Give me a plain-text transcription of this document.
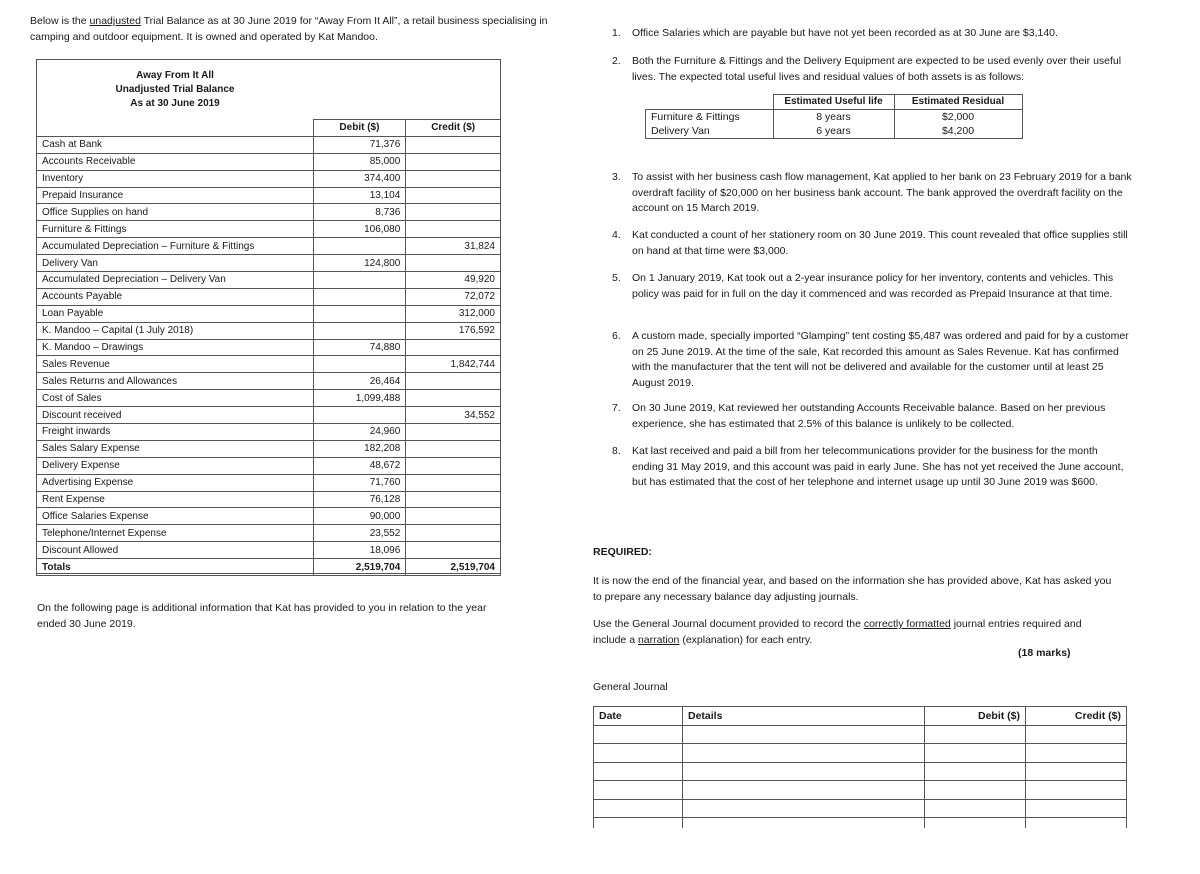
Below is the unadjusted Trial Balance as at 30 June 2019 for “Away From It All”, a retail business specialising in
camping and outdoor equipment. It is owned and operated by Kat Mandoo.
Away From It All
Unadjusted Trial Balance
As at 30 June 2019
	Debit ($)	Credit ($)
Cash at Bank	71,376	
Accounts Receivable	85,000	
Inventory	374,400	
Prepaid Insurance	13,104	
Office Supplies on hand	8,736	
Furniture & Fittings	106,080	
Accumulated Depreciation – Furniture & Fittings		31,824
Delivery Van	124,800	
Accumulated Depreciation – Delivery Van		49,920
Accounts Payable		72,072
Loan Payable		312,000
K. Mandoo – Capital (1 July 2018)		176,592
K. Mandoo – Drawings	74,880	
Sales Revenue		1,842,744
Sales Returns and Allowances	26,464	
Cost of Sales	1,099,488	
Discount received		34,552
Freight inwards	24,960	
Sales Salary Expense	182,208	
Delivery Expense	48,672	
Advertising Expense	71,760	
Rent Expense	76,128	
Office Salaries Expense	90,000	
Telephone/Internet Expense	23,552	
Discount Allowed	18,096	
Totals	2,519,704	2,519,704
On the following page is additional information that Kat has provided to you in relation to the year
ended 30 June 2019.
1. Office Salaries which are payable but have not yet been recorded as at 30 June are $3,140.
2. Both the Furniture & Fittings and the Delivery Equipment are expected to be used evenly over their useful lives. The expected total useful lives and residual values of both assets is as follows:
3. To assist with her business cash flow management, Kat applied to her bank on 23 February 2019 for a bank overdraft facility of $20,000 on her business bank account. The bank approved the overdraft facility on the account on 15 March 2019.
4. Kat conducted a count of her stationery room on 30 June 2019. This count revealed that office supplies still on hand at that time were $3,000.
5. On 1 January 2019, Kat took out a 2-year insurance policy for her inventory, contents and vehicles. This policy was paid for in full on the day it commenced and was recorded as Prepaid Insurance at that time.
6. A custom made, specially imported “Glamping” tent costing $5,487 was ordered and paid for by a customer on 25 June 2019. At the time of the sale, Kat recorded this amount as Sales Revenue. Kat has confirmed with the manufacturer that the tent will not be delivered and available for the customer until at least 25 August 2019.
7. On 30 June 2019, Kat reviewed her outstanding Accounts Receivable balance. Based on her previous experience, she has estimated that 2.5% of this balance is unlikely to be collected.
8. Kat last received and paid a bill from her telecommunications provider for the business for the month ending 31 May 2019, and this account was paid in early June. She has not yet received the June account, but has estimated that the cost of her telephone and internet usage up until 30 June 2019 was $600.
	Estimated Useful life	Estimated Residual
Furniture & Fittings	8 years	$2,000
Delivery Van	6 years	$4,200
REQUIRED:
It is now the end of the financial year, and based on the information she has provided above, Kat has asked you to prepare any necessary balance day adjusting journals.
Use the General Journal document provided to record the correctly formatted journal entries required and
include a narration (explanation) for each entry.
(18 marks)
General Journal
Date	Details	Debit ($)	Credit ($)
